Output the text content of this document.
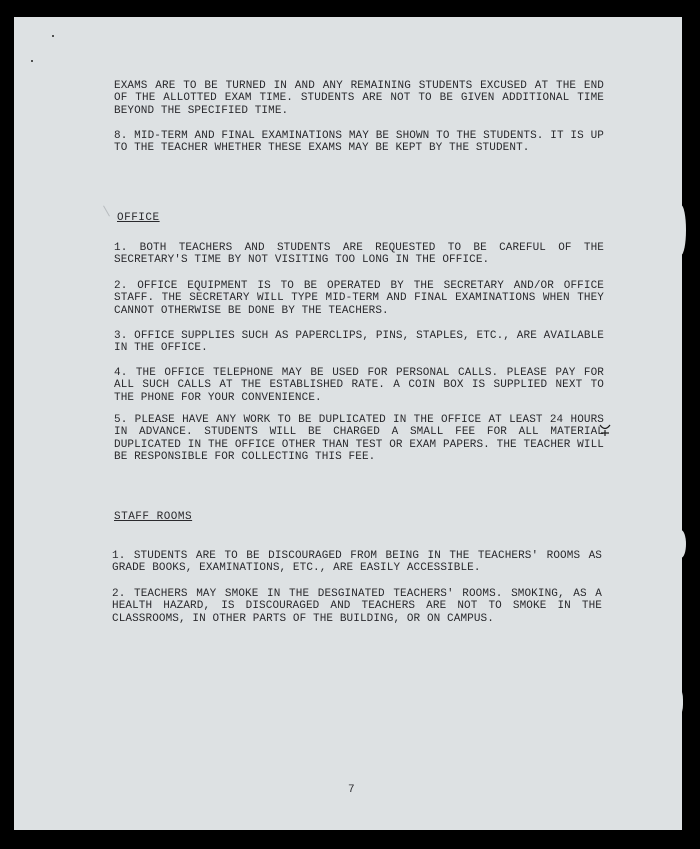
EXAMS ARE TO BE TURNED IN AND ANY REMAINING STUDENTS EXCUSED AT THE END OF THE ALLOTTED EXAM TIME. STUDENTS ARE NOT TO BE GIVEN ADDITIONAL TIME BEYOND THE SPECIFIED TIME.
8. MID-TERM AND FINAL EXAMINATIONS MAY BE SHOWN TO THE STUDENTS. IT IS UP TO THE TEACHER WHETHER THESE EXAMS MAY BE KEPT BY THE STUDENT.
OFFICE
1. BOTH TEACHERS AND STUDENTS ARE REQUESTED TO BE CAREFUL OF THE SECRETARY'S TIME BY NOT VISITING TOO LONG IN THE OFFICE.
2. OFFICE EQUIPMENT IS TO BE OPERATED BY THE SECRETARY AND/OR OFFICE STAFF. THE SECRETARY WILL TYPE MID-TERM AND FINAL EXAMINATIONS WHEN THEY CANNOT OTHERWISE BE DONE BY THE TEACHERS.
3. OFFICE SUPPLIES SUCH AS PAPERCLIPS, PINS, STAPLES, ETC., ARE AVAILABLE IN THE OFFICE.
4. THE OFFICE TELEPHONE MAY BE USED FOR PERSONAL CALLS. PLEASE PAY FOR ALL SUCH CALLS AT THE ESTABLISHED RATE. A COIN BOX IS SUPPLIED NEXT TO THE PHONE FOR YOUR CONVENIENCE.
5. PLEASE HAVE ANY WORK TO BE DUPLICATED IN THE OFFICE AT LEAST 24 HOURS IN ADVANCE. STUDENTS WILL BE CHARGED A SMALL FEE FOR ALL MATERIAL DUPLICATED IN THE OFFICE OTHER THAN TEST OR EXAM PAPERS. THE TEACHER WILL BE RESPONSIBLE FOR COLLECTING THIS FEE.
STAFF ROOMS
1. STUDENTS ARE TO BE DISCOURAGED FROM BEING IN THE TEACHERS' ROOMS AS GRADE BOOKS, EXAMINATIONS, ETC., ARE EASILY ACCESSIBLE.
2. TEACHERS MAY SMOKE IN THE DESGINATED TEACHERS' ROOMS. SMOKING, AS A HEALTH HAZARD, IS DISCOURAGED AND TEACHERS ARE NOT TO SMOKE IN THE CLASSROOMS, IN OTHER PARTS OF THE BUILDING, OR ON CAMPUS.
7
